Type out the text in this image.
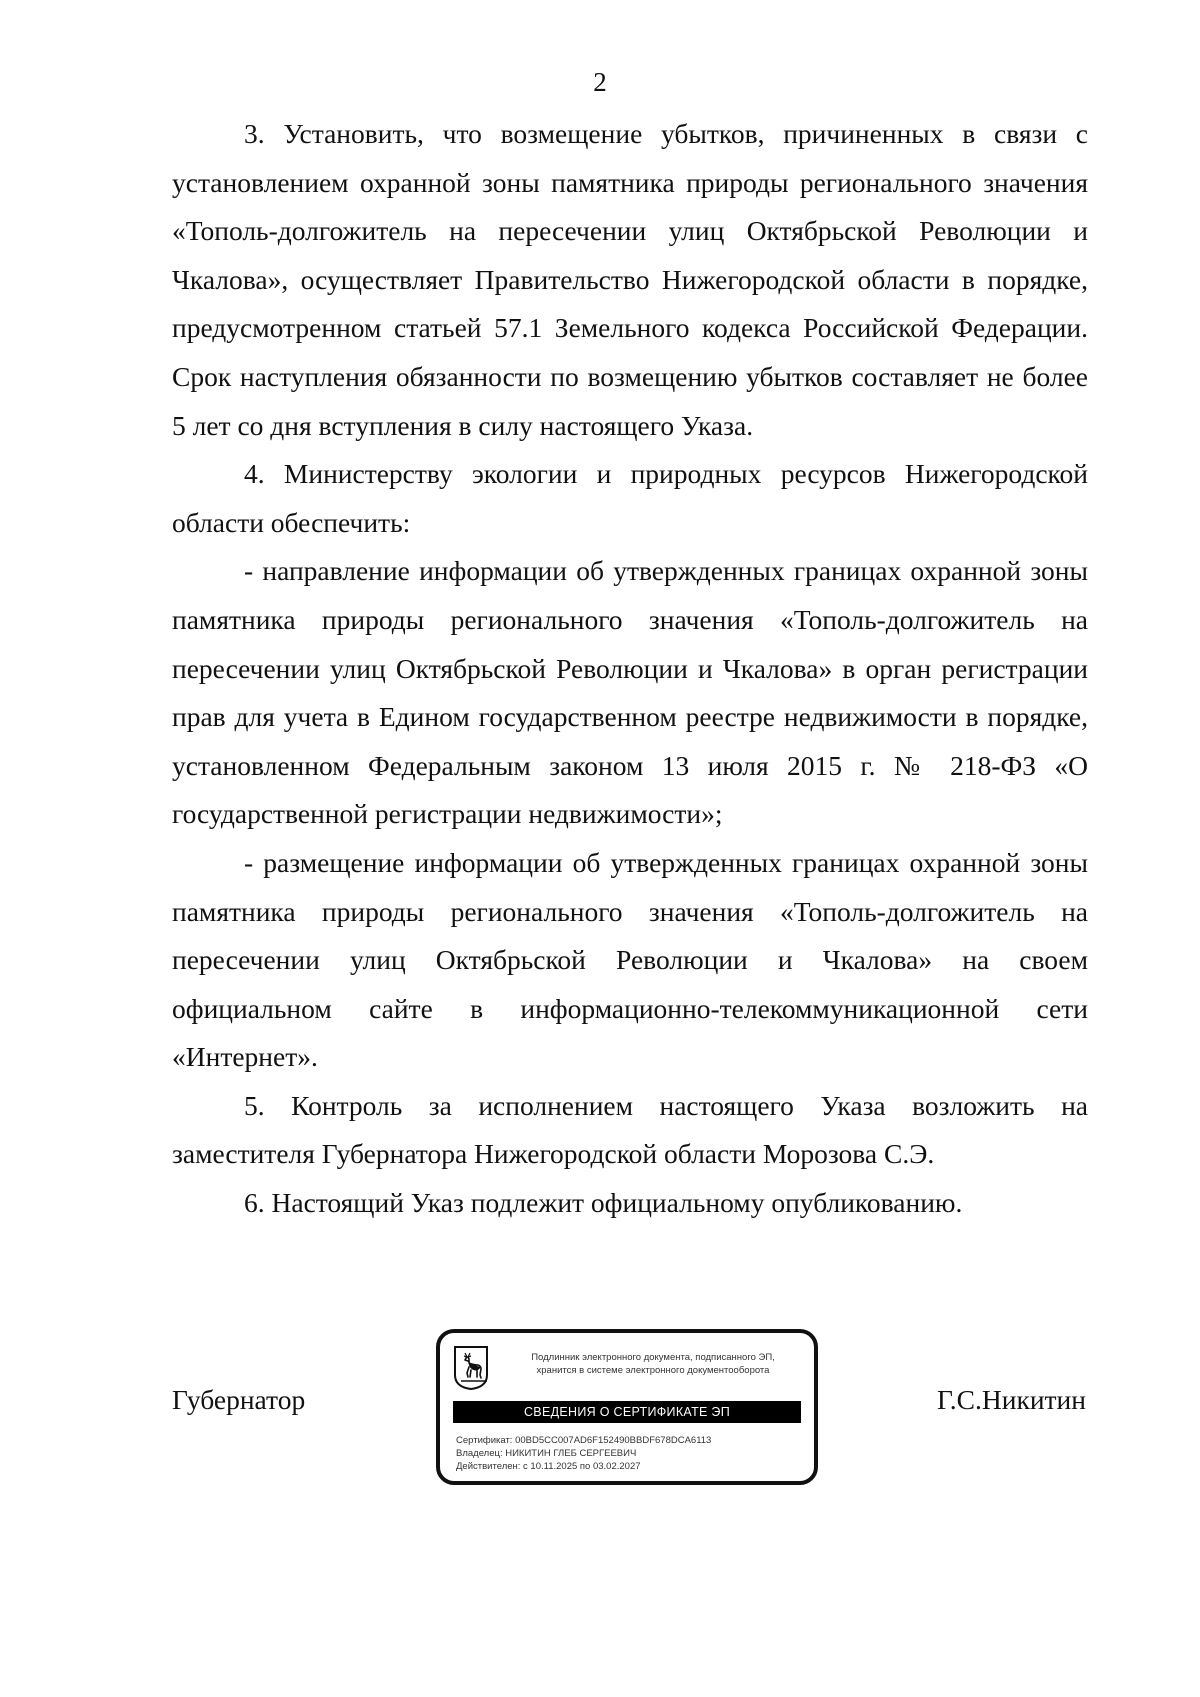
2

3. Установить, что возмещение убытков, причиненных в связи с установлением охранной зоны памятника природы регионального значения «Тополь-долгожитель на пересечении улиц Октябрьской Революции и Чкалова», осуществляет Правительство Нижегородской области в порядке, предусмотренном статьей 57.1 Земельного кодекса Российской Федерации. Срок наступления обязанности по возмещению убытков составляет не более 5 лет со дня вступления в силу настоящего Указа.

4. Министерству экологии и природных ресурсов Нижегородской области обеспечить:

- направление информации об утвержденных границах охранной зоны памятника природы регионального значения «Тополь-долгожитель на пересечении улиц Октябрьской Революции и Чкалова» в орган регистрации прав для учета в Едином государственном реестре недвижимости в порядке, установленном Федеральным законом 13 июля 2015 г. № 218-ФЗ «О государственной регистрации недвижимости»;

- размещение информации об утвержденных границах охранной зоны памятника природы регионального значения «Тополь-долгожитель на пересечении улиц Октябрьской Революции и Чкалова» на своем официальном сайте в информационно-телекоммуникационной сети «Интернет».

5. Контроль за исполнением настоящего Указа возложить на заместителя Губернатора Нижегородской области Морозова С.Э.

6. Настоящий Указ подлежит официальному опубликованию.

Губернатор
Подлинник электронного документа, подписанного ЭП,
хранится в системе электронного документооборота
СВЕДЕНИЯ О СЕРТИФИКАТЕ ЭП
Сертификат: 00BD5CC007AD6F152490BBDF678DCA6113
Владелец: НИКИТИН ГЛЕБ СЕРГЕЕВИЧ
Действителен: с 10.11.2025 по 03.02.2027
Г.С.Никитин
